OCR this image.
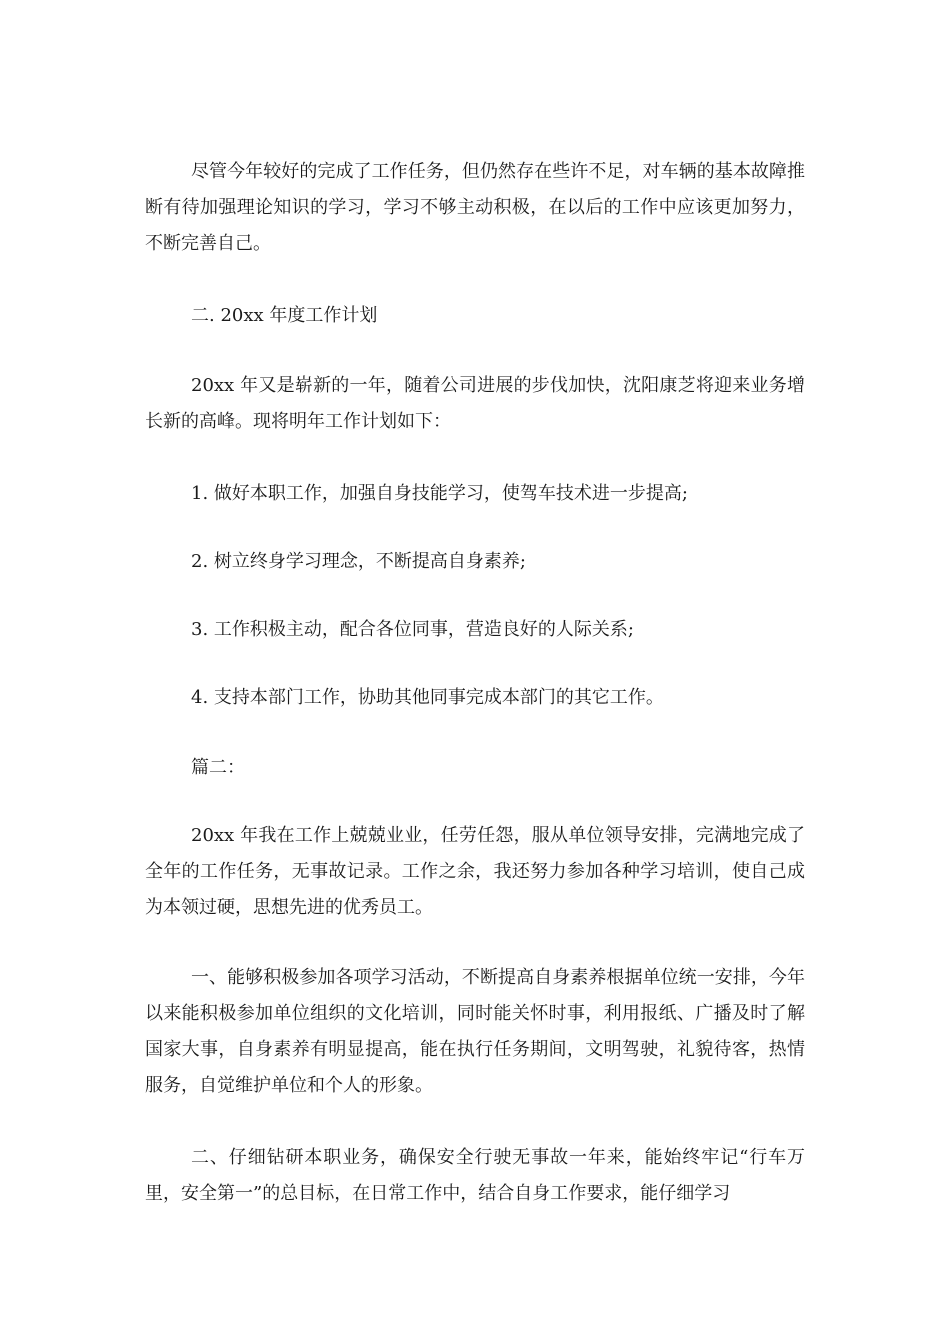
尽管今年较好的完成了工作任务，但仍然存在些许不足，对车辆的基本故障推断有待加强理论知识的学习，学习不够主动积极，在以后的工作中应该更加努力，不断完善自己。

二. 20xx 年度工作计划

20xx 年又是崭新的一年，随着公司进展的步伐加快，沈阳康芝将迎来业务增长新的高峰。现将明年工作计划如下：

1. 做好本职工作，加强自身技能学习，使驾车技术进一步提高;

2. 树立终身学习理念，不断提高自身素养;

3. 工作积极主动，配合各位同事，营造良好的人际关系;

4. 支持本部门工作，协助其他同事完成本部门的其它工作。

篇二：

20xx 年我在工作上兢兢业业，任劳任怨，服从单位领导安排，完满地完成了全年的工作任务，无事故记录。工作之余，我还努力参加各种学习培训，使自己成为本领过硬，思想先进的优秀员工。

一、能够积极参加各项学习活动，不断提高自身素养根据单位统一安排，今年以来能积极参加单位组织的文化培训，同时能关怀时事，利用报纸、广播及时了解国家大事，自身素养有明显提高，能在执行任务期间，文明驾驶，礼貌待客，热情服务，自觉维护单位和个人的形象。

二、仔细钻研本职业务，确保安全行驶无事故一年来，能始终牢记“行车万里，安全第一”的总目标，在日常工作中，结合自身工作要求，能仔细学习
